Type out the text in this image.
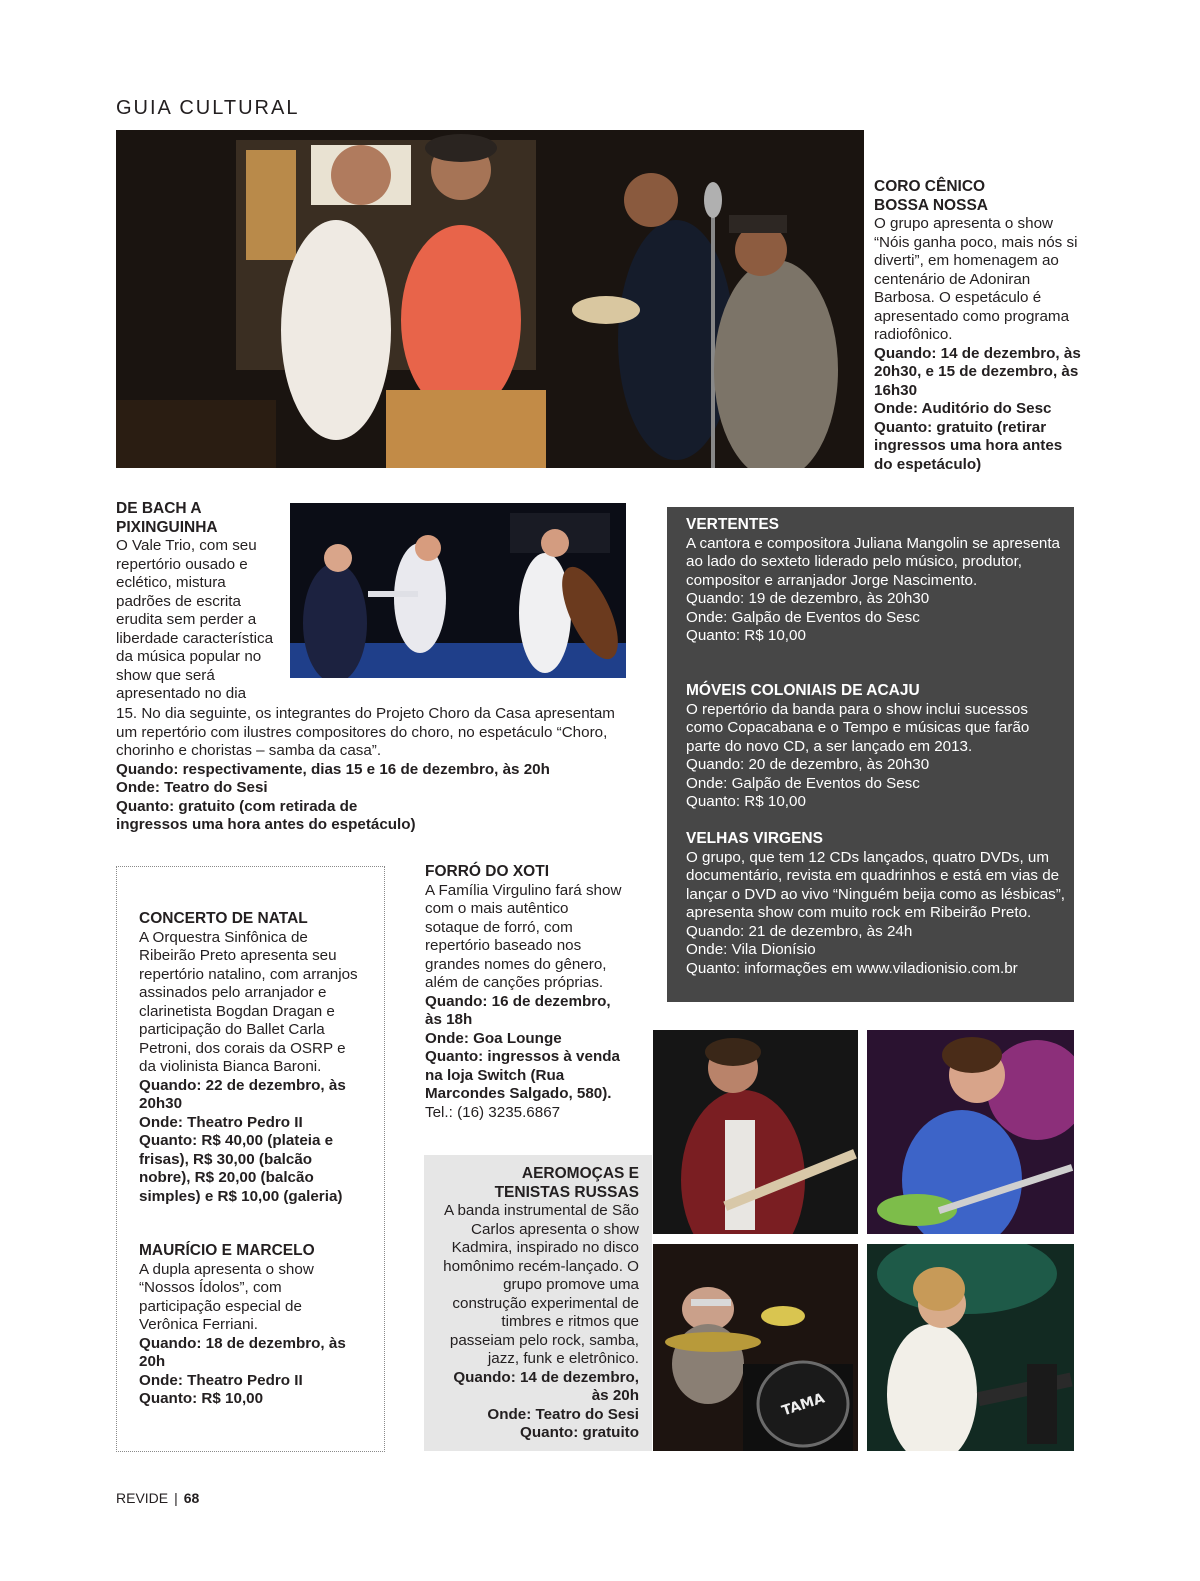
GUIA CULTURAL
CORO CÊNICO
BOSSA NOSSA
O grupo apresenta o show “Nóis ganha poco, mais nós si diverti”, em homenagem ao centenário de Adoniran Barbosa. O espetáculo é apresentado como programa radiofônico.
Quando: 14 de dezembro, às 20h30, e 15 de dezembro, às 16h30
Onde: Auditório do Sesc
Quanto: gratuito (retirar ingressos uma hora antes do espetáculo)
DE BACH A
PIXINGUINHA
O Vale Trio, com seu repertório ousado e eclético, mistura padrões de escrita erudita sem perder a liberdade característica da música popular no show que será apresentado no dia
15. No dia seguinte, os integrantes do Projeto Choro da Casa apresentam um repertório com ilustres compositores do choro, no espetáculo “Choro, chorinho e choristas – samba da casa”.
Quando: respectivamente, dias 15 e 16 de dezembro, às 20h
Onde: Teatro do Sesi
Quanto: gratuito (com retirada de ingressos uma hora antes do espetáculo)
VERTENTES
A cantora e compositora Juliana Mangolin se apresenta ao lado do sexteto liderado pelo músico, produtor, compositor e arranjador Jorge Nascimento.
Quando: 19 de dezembro, às 20h30
Onde: Galpão de Eventos do Sesc
Quanto: R$ 10,00
MÓVEIS COLONIAIS DE ACAJU
O repertório da banda para o show inclui sucessos como Copacabana e o Tempo e músicas que farão parte do novo CD, a ser lançado em 2013.
Quando: 20 de dezembro, às 20h30
Onde: Galpão de Eventos do Sesc
Quanto: R$ 10,00
VELHAS VIRGENS
O grupo, que tem 12 CDs lançados, quatro DVDs, um documentário, revista em quadrinhos e está em vias de lançar o DVD ao vivo “Ninguém beija como as lésbicas”, apresenta show com muito rock em Ribeirão Preto.
Quando: 21 de dezembro, às 24h
Onde: Vila Dionísio
Quanto: informações em www.viladionisio.com.br
CONCERTO DE NATAL
A Orquestra Sinfônica de Ribeirão Preto apresenta seu repertório natalino, com arranjos assinados pelo arranjador e clarinetista Bogdan Dragan e participação do Ballet Carla Petroni, dos corais da OSRP e da violinista Bianca Baroni.
Quando: 22 de dezembro, às 20h30
Onde: Theatro Pedro II
Quanto: R$ 40,00 (plateia e frisas), R$ 30,00 (balcão nobre), R$ 20,00 (balcão simples) e R$ 10,00 (galeria)
MAURÍCIO E MARCELO
A dupla apresenta o show “Nossos Ídolos”, com participação especial de Verônica Ferriani.
Quando: 18 de dezembro, às 20h
Onde: Theatro Pedro II
Quanto: R$ 10,00
FORRÓ DO XOTI
A Família Virgulino fará show com o mais autêntico sotaque de forró, com repertório baseado nos grandes nomes do gênero, além de canções próprias.
Quando: 16 de dezembro, às 18h
Onde: Goa Lounge
Quanto: ingressos à venda na loja Switch (Rua Marcondes Salgado, 580).
Tel.: (16) 3235.6867
AEROMOÇAS E
TENISTAS RUSSAS
A banda instrumental de São Carlos apresenta o show Kadmira, inspirado no disco homônimo recém-lançado. O grupo promove uma construção experimental de timbres e ritmos que passeiam pelo rock, samba, jazz, funk e eletrônico.
Quando: 14 de dezembro, às 20h
Onde: Teatro do Sesi
Quanto: gratuito
TAMA
REVIDE | 68
